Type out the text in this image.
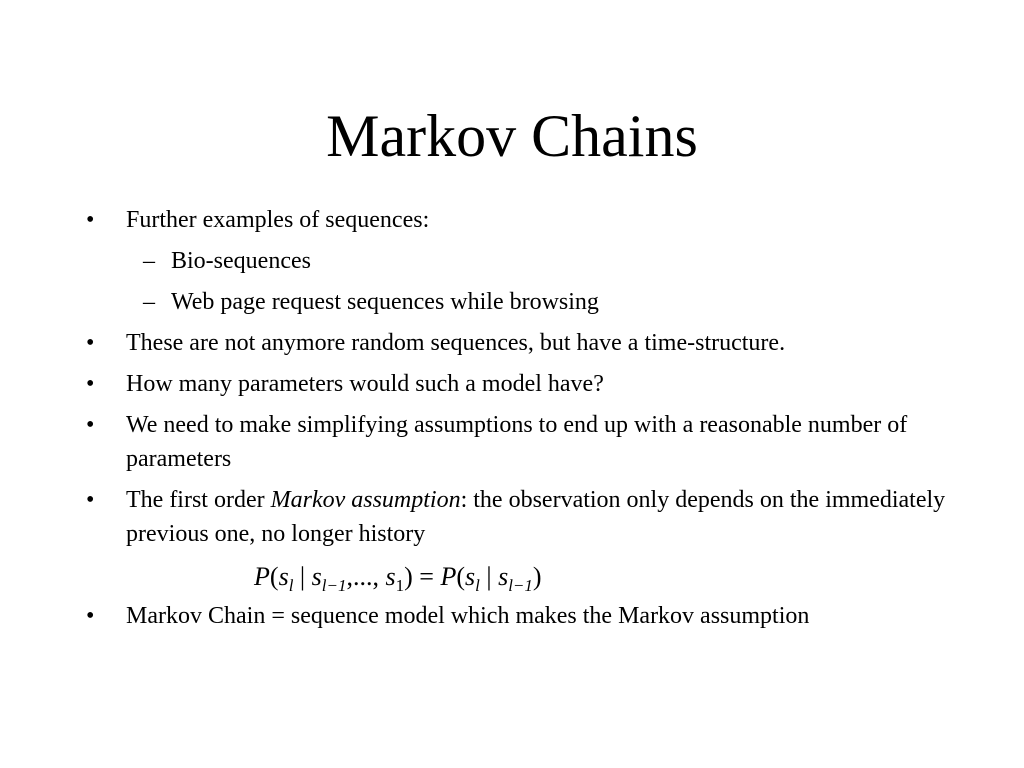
Markov Chains
• Further examples of sequences:
– Bio-sequences
– Web page request sequences while browsing
• These are not anymore random sequences, but have a time-structure.
• How many parameters would such a model have?
• We need to make simplifying assumptions to end up with a reasonable number of parameters
• The first order Markov assumption: the observation only depends on the immediately previous one, no longer history
$P(s_l$ | $s_{l-1}$,..., $s_1) = P(s_l$ | $s_{l-1}$)
• Markov Chain = sequence model which makes the Markov assumption
